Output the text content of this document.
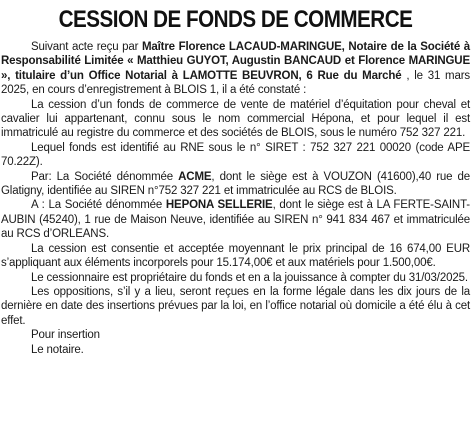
CESSION DE FONDS DE COMMERCE

Suivant acte reçu par Maître Florence LACAUD-MARINGUE, Notaire de la Société à Responsabilité Limitée « Matthieu GUYOT, Augustin BANCAUD et Florence MARINGUE », titulaire d’un Office Notarial à LAMOTTE BEUVRON, 6 Rue du Marché , le 31 mars 2025, en cours d’enregistrement à BLOIS 1, il a été constaté :

La cession d’un fonds de commerce de vente de matériel d’équitation pour cheval et cavalier lui appartenant, connu sous le nom commercial Hépona, et pour lequel il est immatriculé au registre du commerce et des sociétés de BLOIS, sous le numéro 752 327 221.

Lequel fonds est identifié au RNE sous le n° SIRET : 752 327 221 00020 (code APE 70.22Z).

Par: La Société dénommée ACME, dont le siège est à VOUZON (41600),40 rue de Glatigny, identifiée au SIREN n°752 327 221 et immatriculée au RCS de BLOIS.

A : La Société dénommée HEPONA SELLERIE, dont le siège est à LA FERTE-SAINT-AUBIN (45240), 1 rue de Maison Neuve, identifiée au SIREN n° 941 834 467 et immatriculée au RCS d’ORLEANS.

La cession est consentie et acceptée moyennant le prix principal de 16 674,00 EUR s’appliquant aux éléments incorporels pour 15.174,00€ et aux matériels pour 1.500,00€.

Le cessionnaire est propriétaire du fonds et en a la jouissance à compter du 31/03/2025.

Les oppositions, s’il y a lieu, seront reçues en la forme légale dans les dix jours de la dernière en date des insertions prévues par la loi, en l’office notarial où domicile a été élu à cet effet.

Pour insertion

Le notaire.
